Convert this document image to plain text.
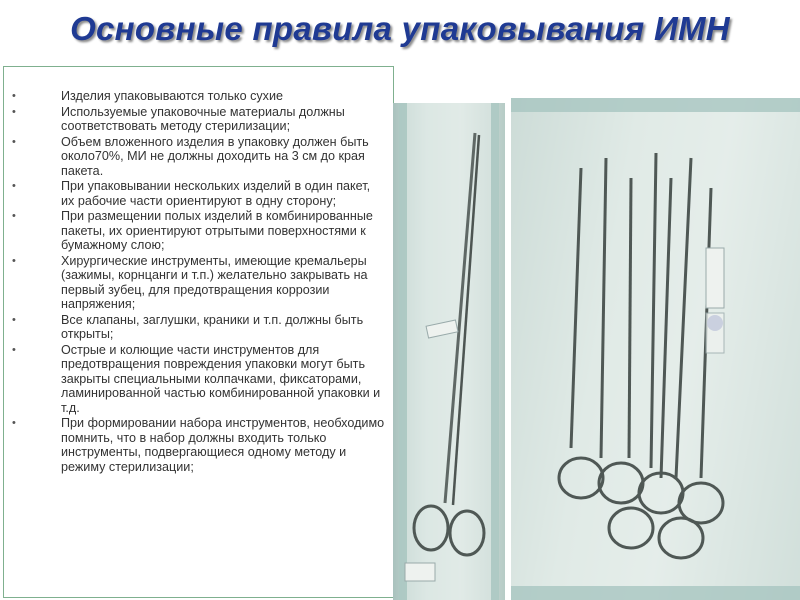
Основные правила упаковывания ИМН
•	Изделия упаковываются только сухие
•	Используемые упаковочные материалы должны соответствовать методу стерилизации;
•	Объем вложенного изделия в упаковку должен быть около70%, МИ не должны доходить на 3 см до края пакета.
•	При упаковывании нескольких изделий в один пакет, их рабочие части ориентируют в одну сторону;
•	При размещении полых изделий в комбинированные пакеты, их ориентируют отрытыми поверхностями к бумажному слою;
•	Хирургические инструменты, имеющие кремальеры (зажимы, корнцанги и т.п.) желательно закрывать на первый зубец, для предотвращения коррозии напряжения;
•	Все клапаны, заглушки, краники и т.п. должны быть открыты;
•	Острые и колющие части инструментов для предотвращения повреждения упаковки могут быть закрыты специальными колпачками, фиксаторами, ламинированной частью комбинированной упаковки и т.д.
•	При формировании набора инструментов, необходимо помнить, что в набор должны входить только инструменты, подвергающиеся одному методу и режиму стерилизации;
